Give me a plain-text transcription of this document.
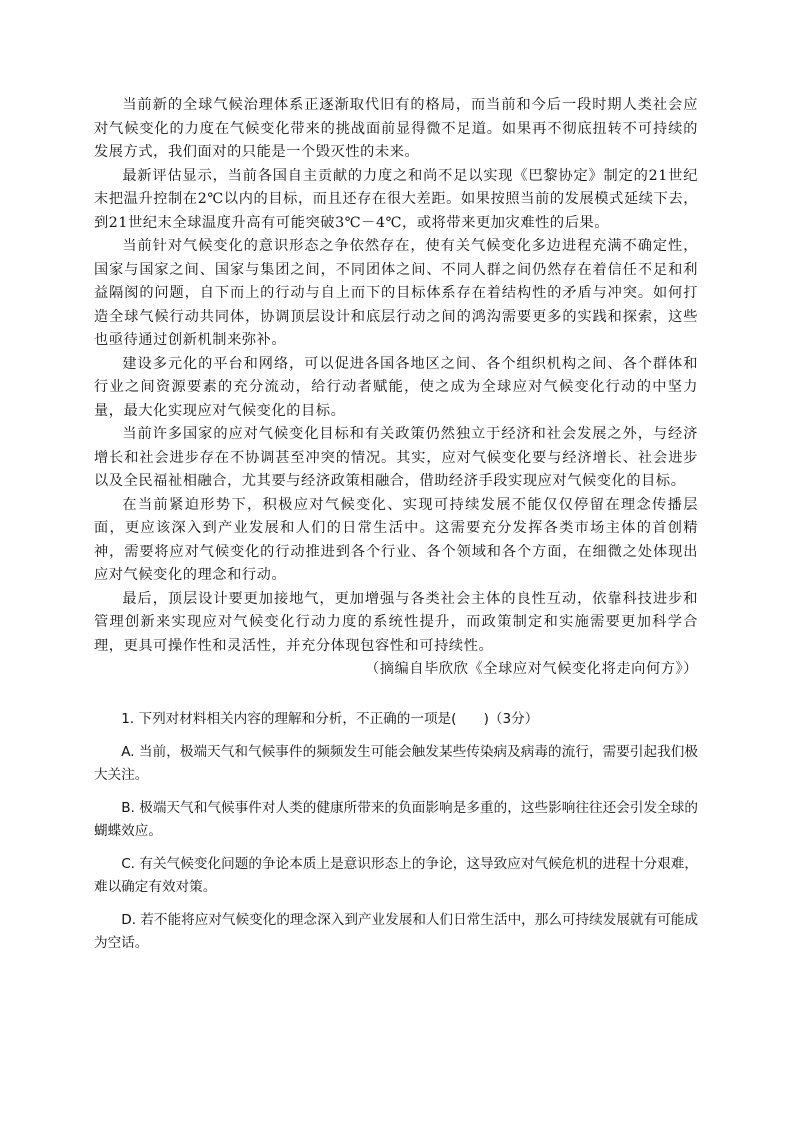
当前新的全球气候治理体系正逐渐取代旧有的格局，而当前和今后一段时期人类社会应对气候变化的力度在气候变化带来的挑战面前显得微不足道。如果再不彻底扭转不可持续的发展方式，我们面对的只能是一个毁灭性的未来。

最新评估显示，当前各国自主贡献的力度之和尚不足以实现《巴黎协定》制定的21世纪末把温升控制在2℃以内的目标，而且还存在很大差距。如果按照当前的发展模式延续下去，到21世纪末全球温度升高有可能突破3℃－4℃，或将带来更加灾难性的后果。

当前针对气候变化的意识形态之争依然存在，使有关气候变化多边进程充满不确定性，国家与国家之间、国家与集团之间，不同团体之间、不同人群之间仍然存在着信任不足和利益隔阂的问题，自下而上的行动与自上而下的目标体系存在着结构性的矛盾与冲突。如何打造全球气候行动共同体，协调顶层设计和底层行动之间的鸿沟需要更多的实践和探索，这些也亟待通过创新机制来弥补。

建设多元化的平台和网络，可以促进各国各地区之间、各个组织机构之间、各个群体和行业之间资源要素的充分流动，给行动者赋能，使之成为全球应对气候变化行动的中坚力量，最大化实现应对气候变化的目标。

当前许多国家的应对气候变化目标和有关政策仍然独立于经济和社会发展之外，与经济增长和社会进步存在不协调甚至冲突的情况。其实，应对气候变化要与经济增长、社会进步以及全民福祉相融合，尤其要与经济政策相融合，借助经济手段实现应对气候变化的目标。

在当前紧迫形势下，积极应对气候变化、实现可持续发展不能仅仅停留在理念传播层面，更应该深入到产业发展和人们的日常生活中。这需要充分发挥各类市场主体的首创精神，需要将应对气候变化的行动推进到各个行业、各个领域和各个方面，在细微之处体现出应对气候变化的理念和行动。

最后，顶层设计要更加接地气，更加增强与各类社会主体的良性互动，依靠科技进步和管理创新来实现应对气候变化行动力度的系统性提升，而政策制定和实施需要更加科学合理，更具可操作性和灵活性，并充分体现包容性和可持续性。

（摘编自毕欣欣《全球应对气候变化将走向何方》）

1. 下列对材料相关内容的理解和分析，不正确的一项是(　　)（3分）

A. 当前，极端天气和气候事件的频频发生可能会触发某些传染病及病毒的流行，需要引起我们极大关注。

B. 极端天气和气候事件对人类的健康所带来的负面影响是多重的，这些影响往往还会引发全球的蝴蝶效应。

C. 有关气候变化问题的争论本质上是意识形态上的争论，这导致应对气候危机的进程十分艰难，难以确定有效对策。

D. 若不能将应对气候变化的理念深入到产业发展和人们日常生活中，那么可持续发展就有可能成为空话。
